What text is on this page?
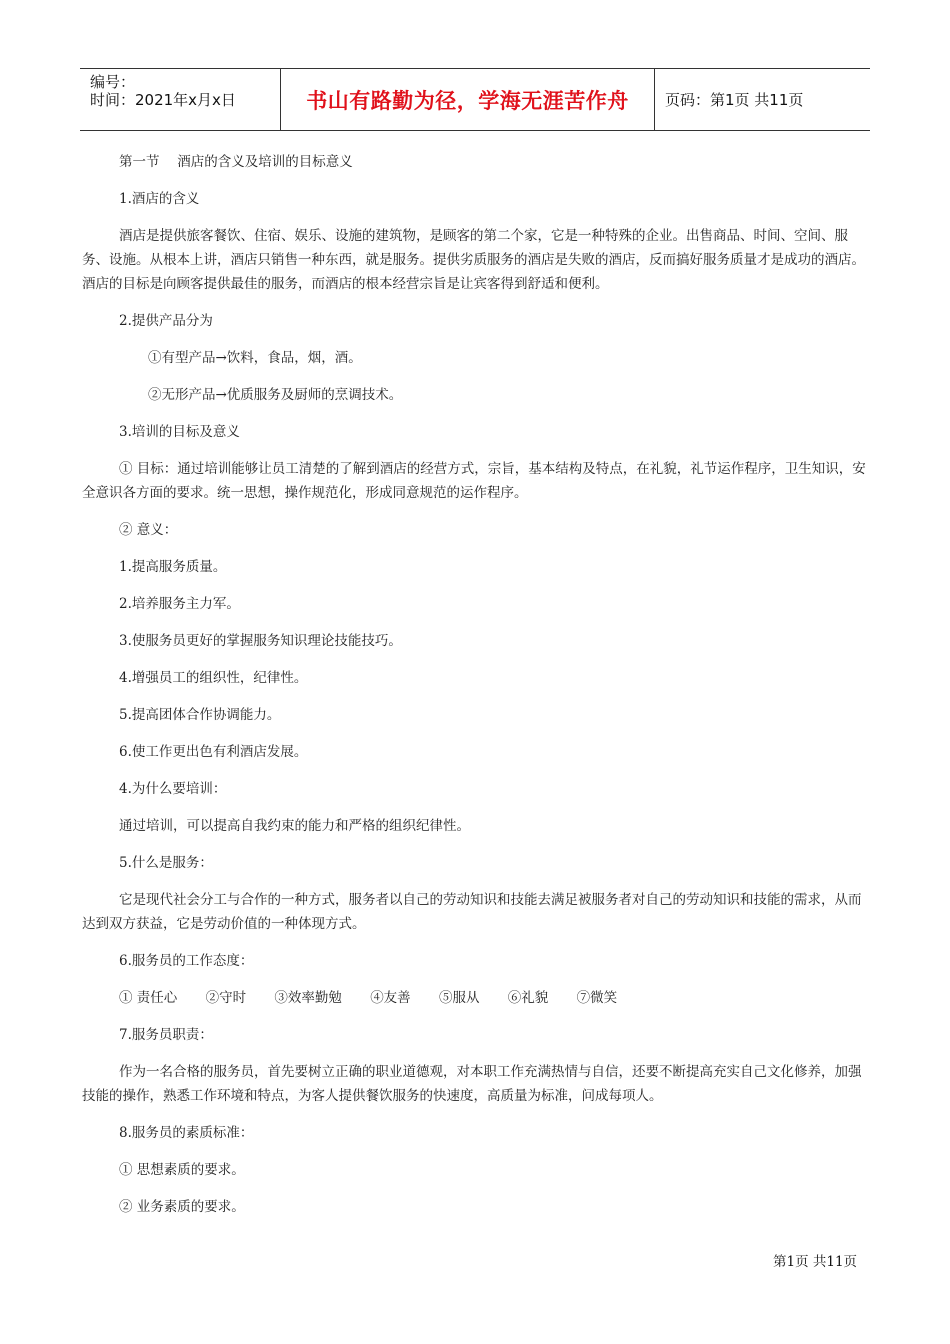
编号：
时间：2021年x月x日	书山有路勤为径，学海无涯苦作舟 页码：第1页 共11页

第一节　 酒店的含义及培训的目标意义

1.酒店的含义

酒店是提供旅客餐饮、住宿、娱乐、设施的建筑物，是顾客的第二个家，它是一种特殊的企业。出售商品、时间、空间、服务、设施。从根本上讲，酒店只销售一种东西，就是服务。提供劣质服务的酒店是失败的酒店，反而搞好服务质量才是成功的酒店。酒店的目标是向顾客提供最佳的服务，而酒店的根本经营宗旨是让宾客得到舒适和便利。

2.提供产品分为

①有型产品→饮料，食品，烟，酒。

②无形产品→优质服务及厨师的烹调技术。

3.培训的目标及意义

① 目标：通过培训能够让员工清楚的了解到酒店的经营方式，宗旨，基本结构及特点，在礼貌，礼节运作程序，卫生知识，安全意识各方面的要求。统一思想，操作规范化，形成同意规范的运作程序。

② 意义：

1.提高服务质量。

2.培养服务主力军。

3.使服务员更好的掌握服务知识理论技能技巧。

4.增强员工的组织性，纪律性。

5.提高团体合作协调能力。

6.使工作更出色有利酒店发展。

4.为什么要培训：

通过培训，可以提高自我约束的能力和严格的组织纪律性。

5.什么是服务：

它是现代社会分工与合作的一种方式，服务者以自己的劳动知识和技能去满足被服务者对自己的劳动知识和技能的需求，从而达到双方获益，它是劳动价值的一种体现方式。

6.服务员的工作态度：

① 责任心 ②守时 ③效率勤勉 ④友善 ⑤服从 ⑥礼貌 ⑦微笑

7.服务员职责：

作为一名合格的服务员，首先要树立正确的职业道德观，对本职工作充满热情与自信，还要不断提高充实自己文化修养，加强技能的操作，熟悉工作环境和特点，为客人提供餐饮服务的快速度，高质量为标准，问成每项人。

8.服务员的素质标准：

① 思想素质的要求。

② 业务素质的要求。

第1页 共11页
